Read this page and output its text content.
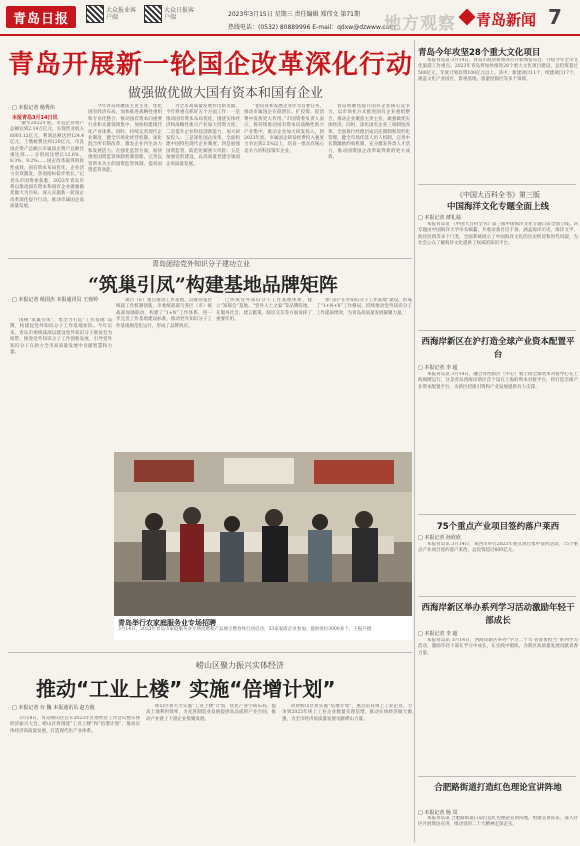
青岛日报
大众报业客户端
大众日报客户端	2023年3月15日 星期三 责任编辑 郑伟文 第71期
热线电话：(0532) 80889996 E-mail：qdxw@dzwww.com
地方观察 青岛新闻 7
青岛开展新一轮国企改革深化行动
做强做优做大国有资本和国有企业
□ 本报记者 杨秀伟
本报青岛3月14日讯

“截至2022年底，市直企业资产总额达到2.14万亿元，实现营业收入6003.12亿元，利润总额达到124.4亿元，上缴税费达到120亿元，市直国企资产总额占市属国企资产总额比重达到……分别同比增长12.6%、8.3%、9.2%……国企改革取得阶段性成效，国有资本布局优化，企业活力有效激发，各项指标稳步增长。”记者从市国资委获悉，2023年青岛市将以推动国有资本和国有企业做强做优做大为目标，深入实施新一轮国企改革深化提升行动，推动市属国企高质量发展。

今年青岛将聚焦主责主业，优化国有经济布局，加快推进战略性重组和专业化整合，推动国有资本向重要行业和关键领域集中，加快构建现代化产业体系。同时，持续完善现代企业制度，健全市场化经营机制，深化混合所有制改革，激发企业内生动力和发展活力。在强化监管方面，加快推进国资监管体制机制创新，完善以管资本为主的国资监管体制，提高国资监管效能。

为全市高质量发展作出新贡献。今年将重点抓好五个方面工作：一是推动国有资本布局优化，围绕实体经济和战略性新兴产业加大投资力度；二是提升企业科技创新能力，加大研发投入；三是深化国企改革，全面构建中国特色现代企业制度；四是加强国资监管，防范化解重大风险；五是加强党的建设，以高质量党建引领国企高质量发展。

“把培育和发展企业作为首要任务，推动市属国企在稳增长、扩投资、促消费中发挥更大作用。”市国资委负责人表示，将持续推动国有资本向战略性新兴产业集中，推动企业加大研发投入，到2023年底，市属国企研发经费投入强度力争达到2.5%以上，培育一批具有核心竞争力的科技领军企业。

青岛将聚焦提升国有企业核心竞争力，以市场化方式推进国有企业重组整合，推动企业聚焦主责主业，做强做优实体经济。同时，深化国有企业三项制度改革，全面推行经理层成员任期制和契约化管理，健全市场化选人用人机制，完善中长期激励约束机制，充分激发各类人才活力，推动国资国企改革取得新的更大成效。

青岛团结党外知识分子建功立业
“筑巢引凤”构建基地品牌矩阵
□ 本报记者 杨国杰 本报通讯员 王蓉婷

国统“筑巢引凤”，集全力打造“工作基地”品牌，构建起党外知识分子工作基地矩阵。今年以来，青岛市委统战部以建设党外知识分子联谊会为纽带，推进党外知识分子工作创新发展，引导党外知识分子在助力全市高质量发展中贡献智慧和力量。

项目（E）重点推动工作基地，以推动基层统战工作机制创新，市委统战部与各区（市）统战部加强联动，构建了“1+N”工作体系，进一步完善工作基地建设标准，推动党外知识分子工作基地规范化运行，形成了品牌效应。

已形成党外知识分子工作基地体系，建立“知联会”基地、“党外人士之家”等品牌阵地，在服务社会、建言献策、联谊交友等方面发挥了重要作用。

参与的“在外知识分子工作基地”建设，形成了“1+N+X”工作格局，持续推动党外知识分子工作提质增效，为青岛高质量发展凝聚力量。

青岛举行农家庭服务业专场招聘
3月14日，2023年青岛市家庭服务业专场招聘和产品展示暨春风行动启动，33家家政企业参加，提供岗位3000多个。王振升摄
崂山区聚力振兴实体经济
推动“工业上楼” 实施“倍增计划”
□ 本报记者 台 魏 本报通讯员 赵方俊

3月14日，青岛崂山区召开2023年区委经济工作会议暨实体经济振兴大会。崂山区将围绕“工业上楼”和“倍增计划”，推动实体经济高质量发展，打造现代化产业体系。

崂山区将大力实施“工业上楼”计划，优化产业空间布局，提高土地利用效率，为先进制造业发展提供高品质的产业空间，推动产业链上下游企业集聚发展。

同时崂山区将实施“倍增计划”，重点培育规上工业企业，力争到2025年规上工业企业数量实现倍增，推动实体经济做大做强，为全市经济高质量发展贡献崂山力量。

青岛今年攻坚28个重大文化项目

本报青岛讯 3月14日，青岛市政府新闻办召开新闻发布会，介绍今年全市文化旅游工作重点。2023年青岛将加快推进28个重大文化项目建设，总投资超过500亿元，年度计划投资100亿元以上。其中，新建项目11个，续建项目17个，涵盖文化产业园区、影视基地、旅游度假区等多个领域。

《中国大百科全书》第三版
中国海洋文化专题全面上线
□ 本报记者 薄礼福

本报青岛讯 《中国大百科全书》第三版中国海洋文化专题日前全面上线。该专题由中国海洋大学牵头编纂，共收录条目近千条，涵盖海洋历史、海洋文学、海洋民俗等多个门类，全面系统展示了中国海洋文化的历史积淀和时代风貌，为社会公众了解海洋文化提供了权威的知识平台。

西海岸新区在沪打造全球产业资本配置平台
□ 本报记者 李 超

本报青岛讯 3月14日，融合青西新区（中心）暨上海全球资本对接中心在上海揭牌运行，这是青岛西海岸新区首个设在上海的资本对接平台，将打造全球产业资本配置平台，为新区招商引资和产业发展提供有力支撑。

75个重点产业项目签约落户莱西
□ 本报记者 孙欣欣

本报青岛讯 3月14日，莱西市举行2023年重点项目集中签约活动，75个重点产业项目签约落户莱西，总投资超过600亿元。

西海岸新区举办系列学习活动激励年轻干部成长
□ 本报记者 李 超

本报青岛讯 3月14日，西海岸新区举办“学习二十大·青春勇担当”系列学习活动，激励年轻干部在学习中成长，在实践中锻炼，为新区高质量发展贡献青春力量。

合肥路街道打造红色理论宣讲阵地
□ 本报记者 杨 岚

本报青岛讯 合肥路街道日前打造红色理论宣讲阵地，组建宣讲队伍，深入社区开展理论宣讲，推动党的二十大精神走深走实。
